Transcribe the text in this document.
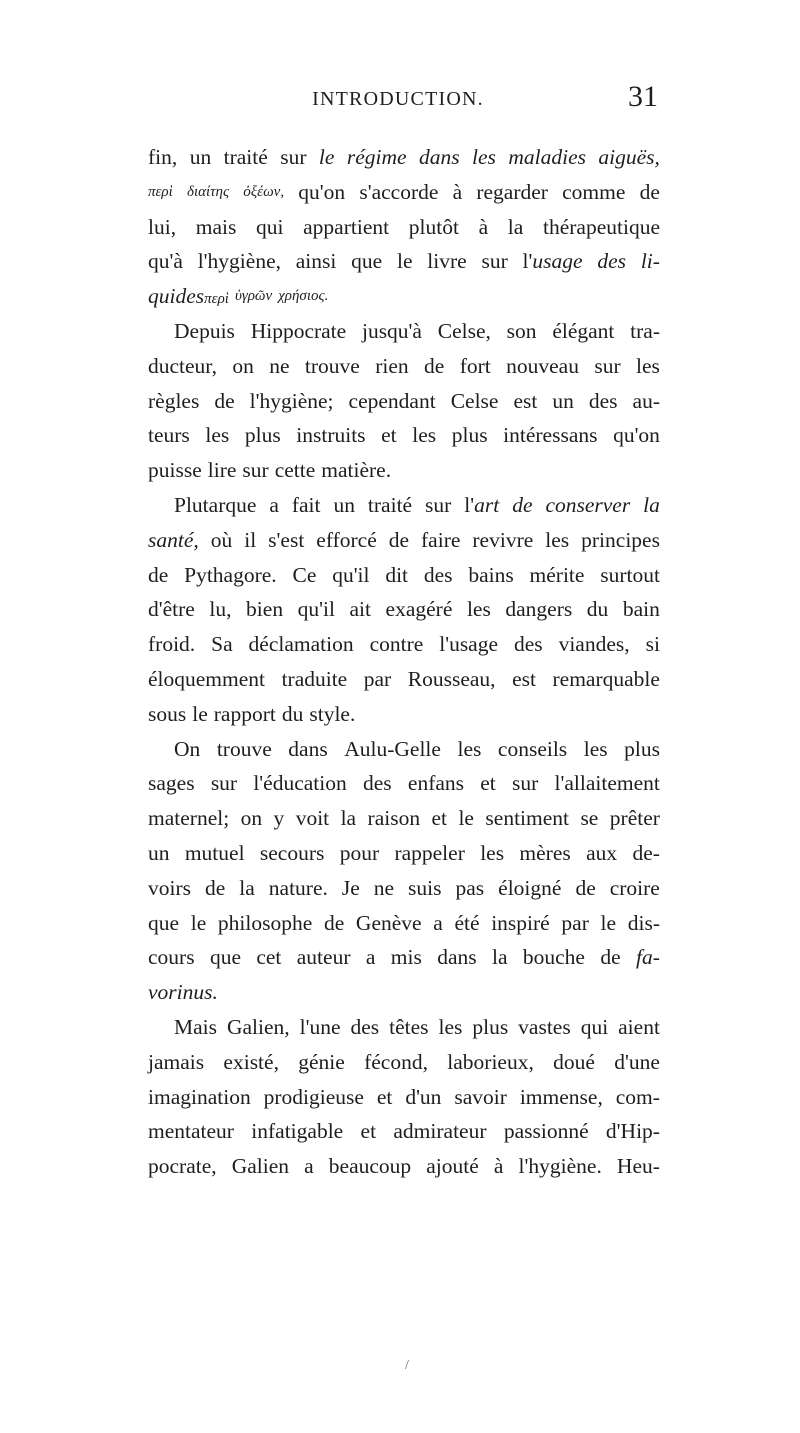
INTRODUCTION.	31
fin, un traité sur le régime dans les maladies aiguës,
περὶ διαίτης ὀξέων, qu'on s'accorde à regarder comme de
lui, mais qui appartient plutôt à la thérapeutique
qu'à l'hygiène, ainsi que le livre sur l'usage des li-
quidesπερὶ ὑγρῶν χρήσιος.
Depuis Hippocrate jusqu'à Celse, son élégant tra-
ducteur, on ne trouve rien de fort nouveau sur les
règles de l'hygiène; cependant Celse est un des au-
teurs les plus instruits et les plus intéressans qu'on
puisse lire sur cette matière.
Plutarque a fait un traité sur l'art de conserver la
santé, où il s'est efforcé de faire revivre les principes
de Pythagore. Ce qu'il dit des bains mérite surtout
d'être lu, bien qu'il ait exagéré les dangers du bain
froid. Sa déclamation contre l'usage des viandes, si
éloquemment traduite par Rousseau, est remarquable
sous le rapport du style.
On trouve dans Aulu-Gelle les conseils les plus
sages sur l'éducation des enfans et sur l'allaitement
maternel; on y voit la raison et le sentiment se prêter
un mutuel secours pour rappeler les mères aux de-
voirs de la nature. Je ne suis pas éloigné de croire
que le philosophe de Genève a été inspiré par le dis-
cours que cet auteur a mis dans la bouche de fa-
vorinus.
Mais Galien, l'une des têtes les plus vastes qui aient
jamais existé, génie fécond, laborieux, doué d'une
imagination prodigieuse et d'un savoir immense, com-
mentateur infatigable et admirateur passionné d'Hip-
pocrate, Galien a beaucoup ajouté à l'hygiène. Heu-
/
